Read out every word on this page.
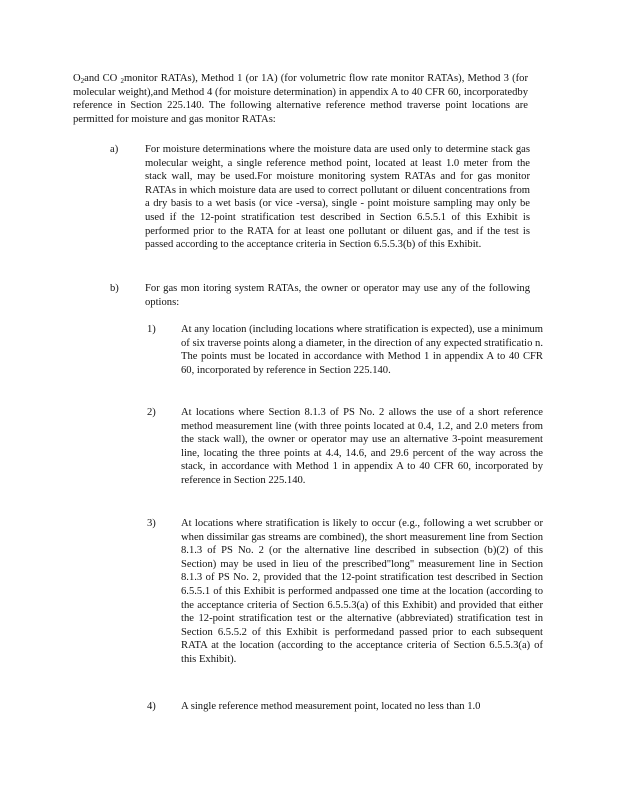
$O_2and$ CO $_2$monitor RATAs), Method 1 (or 1A) (for volumetric flow rate monitor RATAs), Method 3 (for molecular weight),and Method 4 (for moisture determination) in appendix A to 40 CFR 60, incorporatedby reference in Section 225.140. The following alternative reference method traverse point locations are permitted for moisture and gas monitor RATAs:
a)	For moisture determinations where the moisture data are used only to determine stack gas molecular weight, a single reference method point, located at least 1.0 meter from the stack wall, may be used.For moisture monitoring system RATAs and for gas monitor RATAs in which moisture data are used to correct pollutant or diluent concentrations from a dry basis to a wet basis (or vice -versa), single - point moisture sampling may only be used if the 12-point stratification test described in Section 6.5.5.1 of this Exhibit is performed prior to the RATA for at least one pollutant or diluent gas, and if the test is passed according to the acceptance criteria in Section 6.5.5.3(b) of this Exhibit.
b) For gas mon itoring system RATAs, the owner or operator may use any of the following options:
1) At any location (including locations where stratification is expected), use a minimum of six traverse points along a diameter, in the direction of any expected stratificatio n. The points must be located in accordance with Method 1 in appendix A to 40 CFR 60, incorporated by reference in Section 225.140.
2) At locations where Section 8.1.3 of PS No. 2 allows the use of a short reference method measurement line (with three points located at 0.4, 1.2, and 2.0 meters from the stack wall), the owner or operator may use an alternative 3-point measurement line, locating the three points at 4.4, 14.6, and 29.6 percent of the way across the stack, in accordance with Method 1 in appendix A to 40 CFR 60, incorporated by reference in Section 225.140.
3) At locations where stratification is likely to occur (e.g., following a wet scrubber or when dissimilar gas streams are combined), the short measurement line from Section 8.1.3 of PS No. 2 (or the alternative line described in subsection (b)(2) of this Section) may be used in lieu of the prescribed"long" measurement line in Section 8.1.3 of PS No. 2, provided that the 12-point stratification test described in Section 6.5.5.1 of this Exhibit is performed andpassed one time at the location (according to the acceptance criteria of Section 6.5.5.3(a) of this Exhibit) and provided that either the 12-point stratification test or the alternative (abbreviated) stratification test in Section 6.5.5.2 of this Exhibit is performedand passed prior to each subsequent RATA at the location (according to the acceptance criteria of Section 6.5.5.3(a) of this Exhibit).
4) A single reference method measurement point, located no less than 1.0
